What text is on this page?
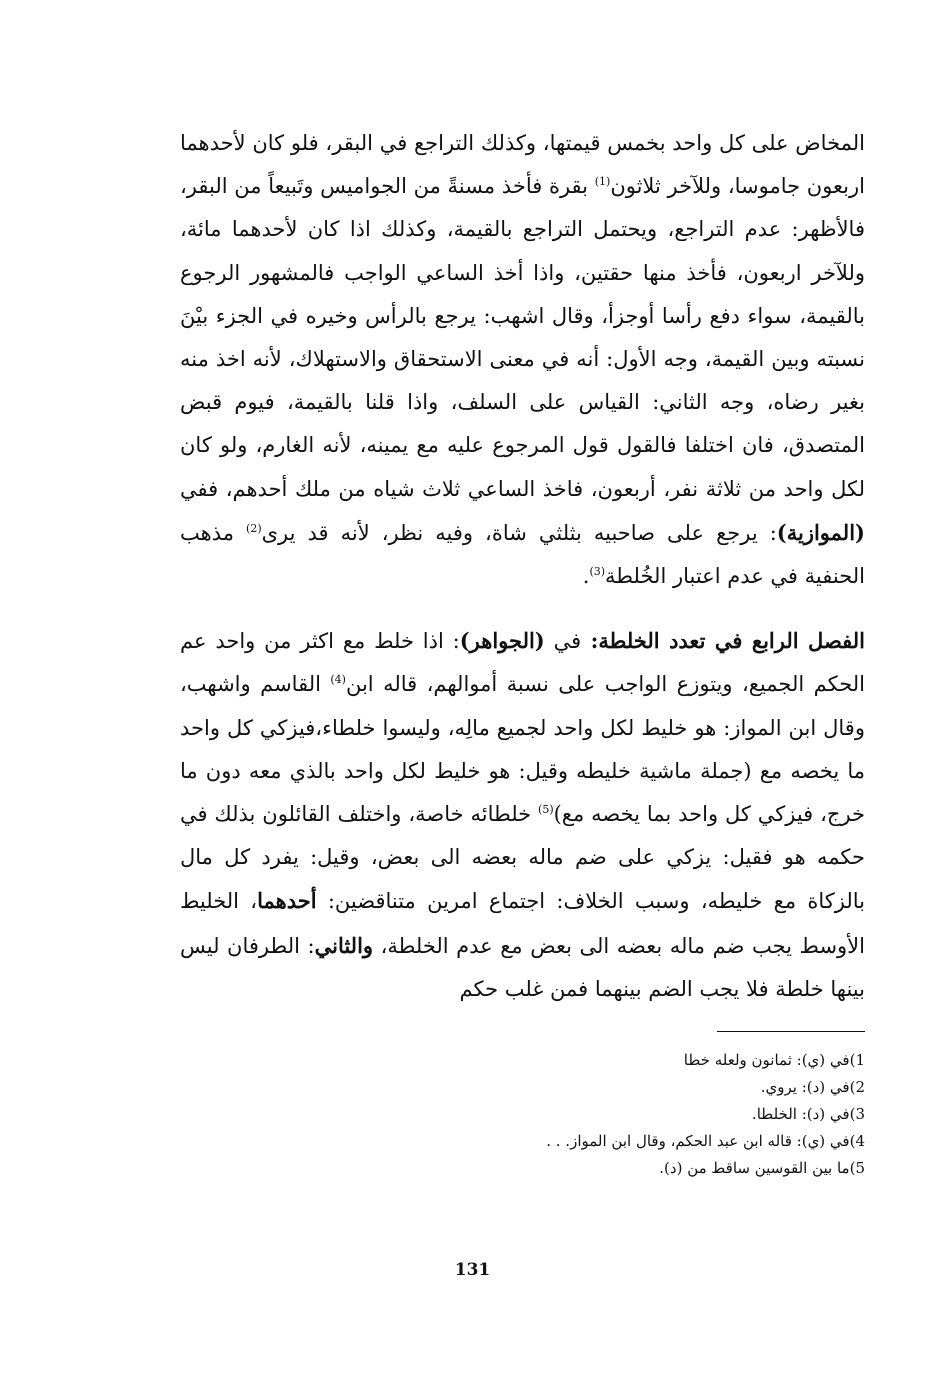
المخاض على كل واحد بخمس قيمتها، وكذلك التراجع في البقر، فلو كان لأحدهما اربعون جاموسا، وللآخر ثلاثون$^{(1)}$ بقرة فأخذ مسنةً من الجواميس وتَبيعاً من البقر، فالأظهر: عدم التراجع، ويحتمل التراجع بالقيمة، وكذلك اذا كان لأحدهما مائة، وللآخر اربعون، فأخذ منها حقتين، واذا أخذ الساعي الواجب فالمشهور الرجوع بالقيمة، سواء دفع رأسا أوجزأ، وقال اشهب: يرجع بالرأس وخيره في الجزء بيْنَ نسبته وبين القيمة، وجه الأول: أنه في معنى الاستحقاق والاستهلاك، لأنه اخذ منه بغير رضاه، وجه الثاني: القياس على السلف، واذا قلنا بالقيمة، فيوم قبض المتصدق، فان اختلفا فالقول قول المرجوع عليه مع يمينه، لأنه الغارم، ولو كان لكل واحد من ثلاثة نفر، أربعون، فاخذ الساعي ثلاث شياه من ملك أحدهم، ففي (الموازية): يرجع على صاحبيه بثلثي شاة، وفيه نظر، لأنه قد يرى$^{(2)}$ مذهب الحنفية في عدم اعتبار الخُلطة$^{(3)}$.

الفصل الرابع في تعدد الخلطة: في (الجواهر): اذا خلط مع اكثر من واحد عم الحكم الجميع، ويتوزع الواجب على نسبة أموالهم، قاله ابن$^{(4)}$ القاسم واشهب، وقال ابن المواز: هو خليط لكل واحد لجميع مالِه، وليسوا خلطاء،فيزكي كل واحد ما يخصه مع (جملة ماشية خليطه وقيل: هو خليط لكل واحد بالذي معه دون ما خرج، فيزكي كل واحد بما يخصه مع)$^{(5)}$ خلطائه خاصة، واختلف القائلون بذلك في حكمه هو فقيل: يزكي على ضم ماله بعضه الى بعض، وقيل: يفرد كل مال بالزكاة مع خليطه، وسبب الخلاف: اجتماع امرين متناقضين: أحدهما، الخليط الأوسط يجب ضم ماله بعضه الى بعض مع عدم الخلطة، والثاني: الطرفان ليس بينها خلطة فلا يجب الضم بينهما فمن غلب حكم

1)في (ي): ثمانون ولعله خطا
2)في (د): يروي.
3)في (د): الخلطا.
4)في (ي): قاله ابن عبد الحكم، وقال ابن المواز. . .
5)ما بين القوسين ساقط من (د).
131
